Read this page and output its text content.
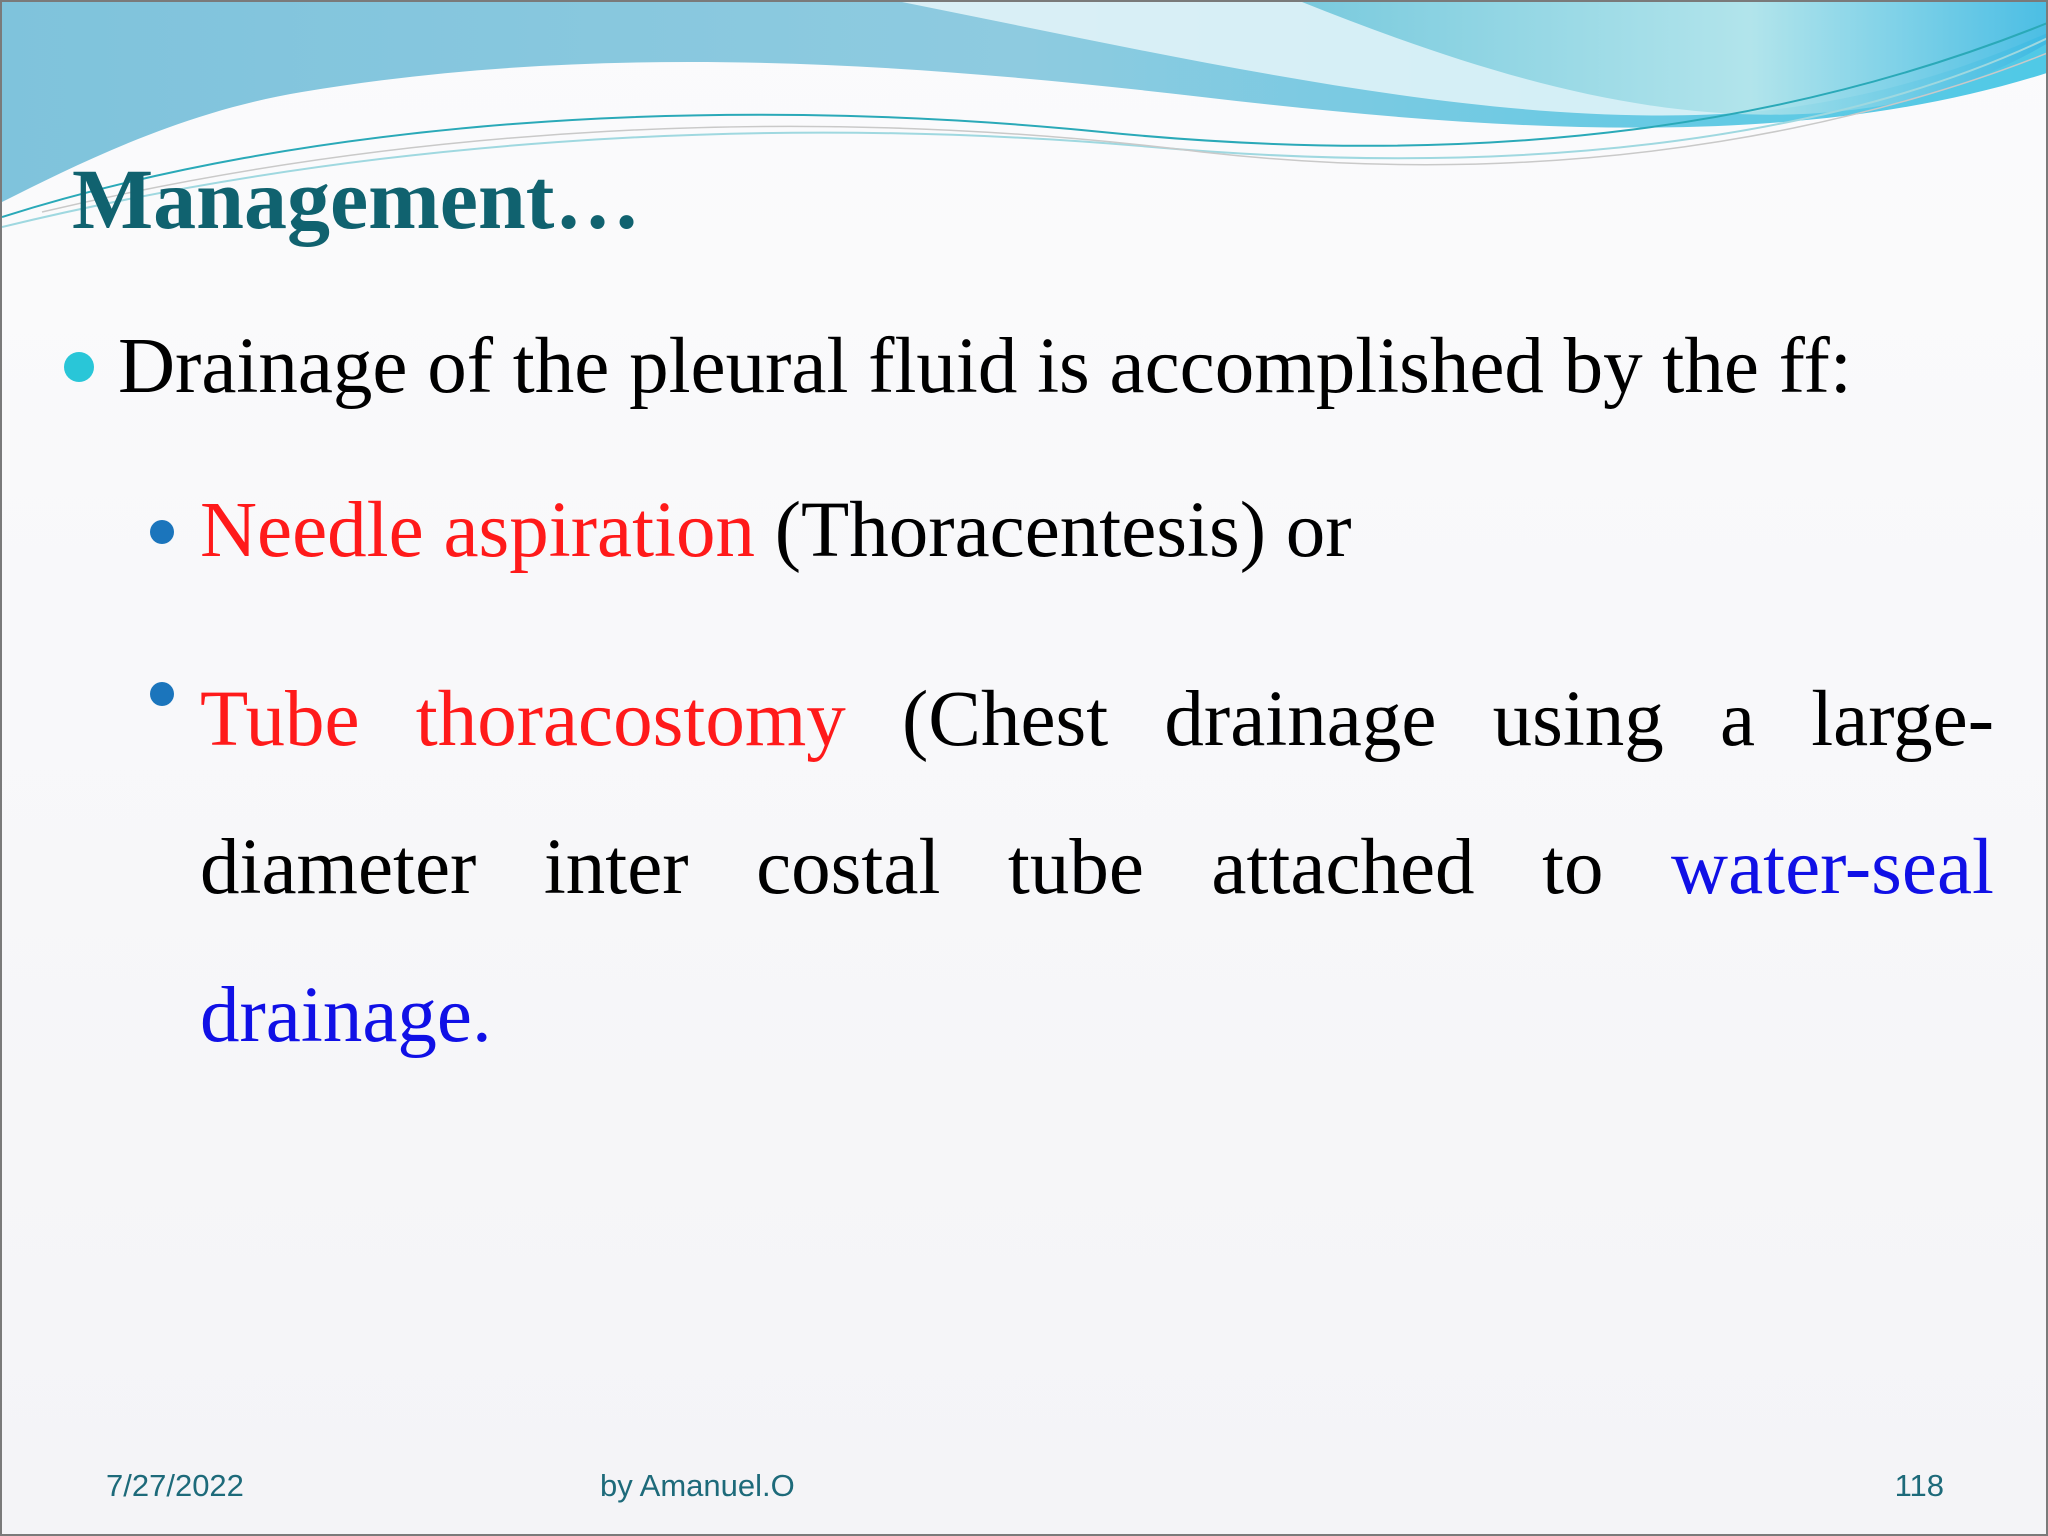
Management…
Drainage of the pleural fluid is accomplished by the ff:
Needle aspiration (Thoracentesis) or
Tube thoracostomy (Chest drainage using a large-diameter inter costal tube attached to water-seal drainage.
7/27/2022	by Amanuel.O	118
